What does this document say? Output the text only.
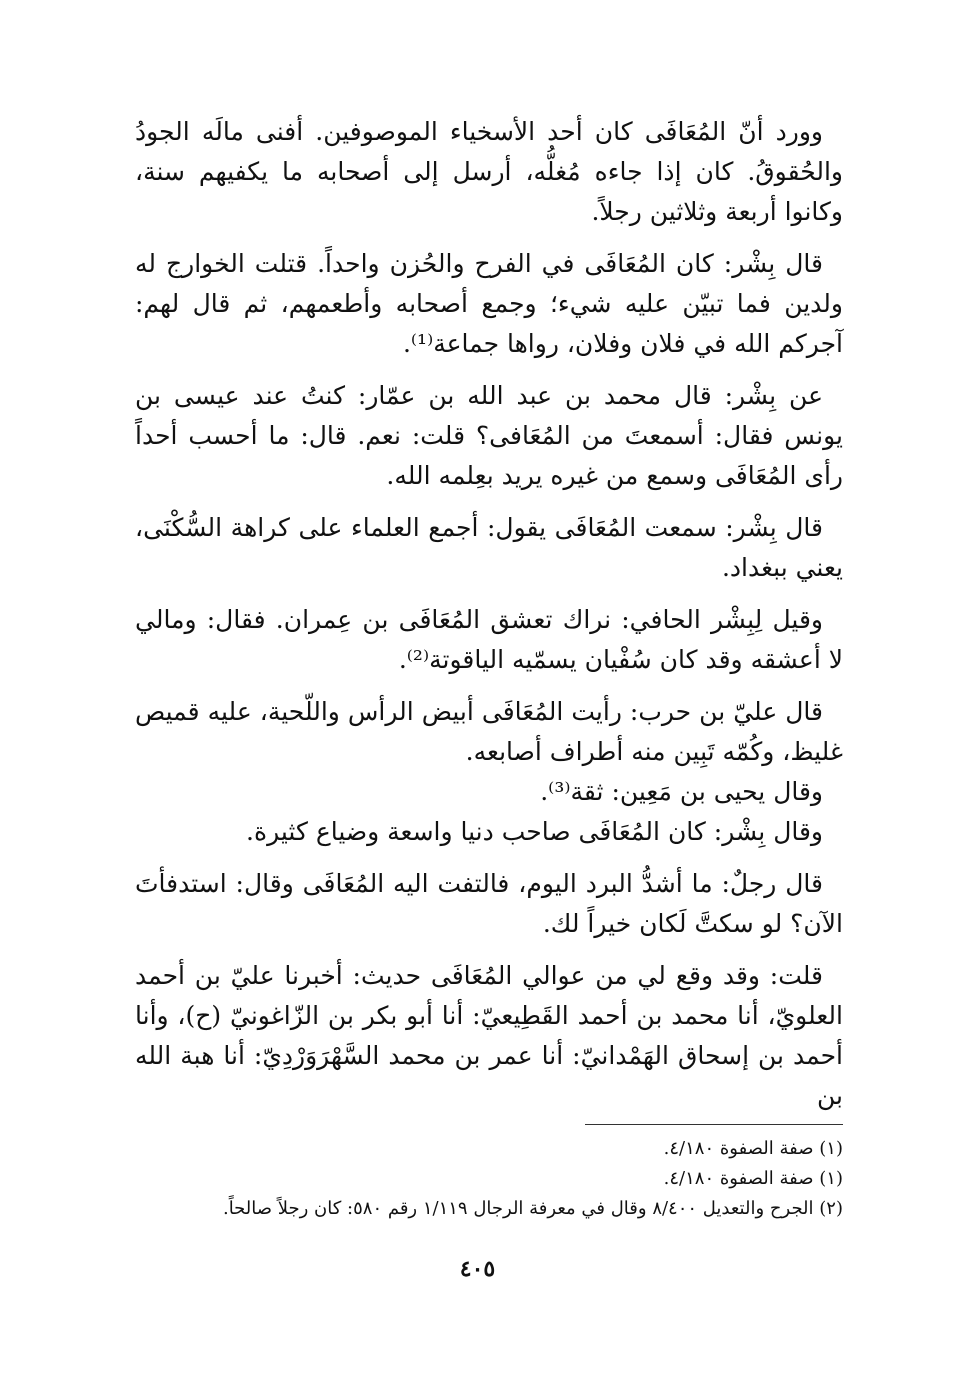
وورد أنّ المُعَافَى كان أحد الأسخياء الموصوفين. أفنى مالَه الجودُ والحُقوقُ. كان إذا جاءه مُغلُّه، أرسل إلى أصحابه ما يكفيهم سنة، وكانوا أربعة وثلاثين رجلاً.

قال بِشْر: كان المُعَافَى في الفرح والحُزن واحداً. قتلت الخوارج له ولدين فما تبيّن عليه شيء؛ وجمع أصحابه وأطعمهم، ثم قال لهم: آجركم الله في فلان وفلان، رواها جماعة⁽¹⁾.

عن بِشْر: قال محمد بن عبد الله بن عمّار: كنتُ عند عيسى بن يونس فقال: أسمعتَ من المُعَافى؟ قلت: نعم. قال: ما أحسب أحداً رأى المُعَافَى وسمع من غيره يريد بعِلمه الله.

قال بِشْر: سمعت المُعَافَى يقول: أجمع العلماء على كراهة السُّكْنَى، يعني ببغداد.

وقيل لِبِشْر الحافي: نراك تعشق المُعَافَى بن عِمران. فقال: ومالي لا أعشقه وقد كان سُفْيان يسمّيه الياقوتة⁽²⁾.

قال عليّ بن حرب: رأيت المُعَافَى أبيض الرأس واللّحية، عليه قميص غليظ، وكُمّه تَبِين منه أطراف أصابعه.

وقال يحيى بن مَعِين: ثقة⁽³⁾.

وقال بِشْر: كان المُعَافَى صاحب دنيا واسعة وضياع كثيرة.

قال رجلٌ: ما أشدُّ البرد اليوم، فالتفت اليه المُعَافَى وقال: استدفأتَ الآن؟ لو سكتَّ لَكان خيراً لك.

قلت: وقد وقع لي من عوالي المُعَافَى حديث: أخبرنا عليّ بن أحمد العلويّ، أنا محمد بن أحمد القَطِيعيّ: أنا أبو بكر بن الزّاغونيّ (ح)، وأنا أحمد بن إسحاق الهَمْدانيّ: أنا عمر بن محمد السَّهْرَوَرْدِيّ: أنا هبة الله بن

(١) صفة الصفوة ٤/١٨٠.

(١) صفة الصفوة ٤/١٨٠.

(٢) الجرح والتعديل ٨/٤٠٠ وقال في معرفة الرجال ١/١١٩ رقم ٥٨٠: كان رجلاً صالحاً.

٤٠٥
